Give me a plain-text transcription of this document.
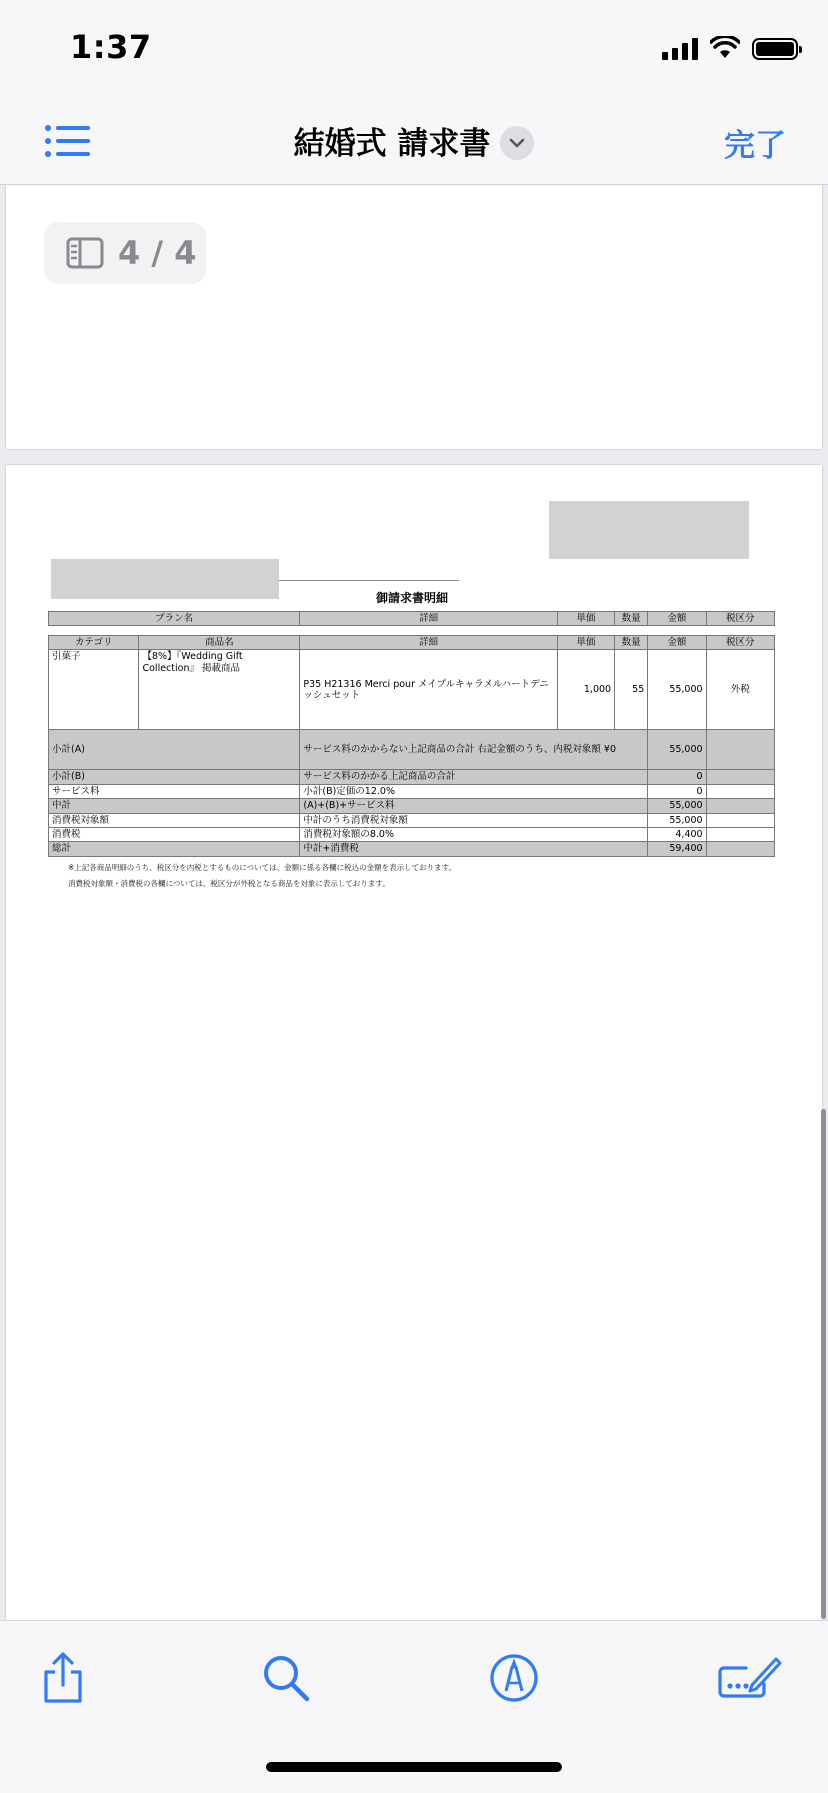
1:37
結婚式 請求書	完了
4 / 4
御請求書明細
プラン名	詳細	単価	数量	金額	税区分
カテゴリ	商品名	詳細	単価	数量	金額	税区分
引菓子	【8%】『Wedding Gift Collection』 掲載商品	P35 H21316 Merci pour メイプルキャラメルハートデニッシュセット	1,000	55	55,000	外税
小計(A)		サービス料のかからない上記商品の合計 右記金額のうち、内税対象額 ¥0			55,000	
小計(B)		サービス料のかかる上記商品の合計			0	
サービス料		小計(B)定価の12.0%			0	
中計		(A)+(B)+サービス料			55,000	
消費税対象額		中計のうち消費税対象額			55,000	
消費税		消費税対象額の8.0%			4,400	
総計		中計+消費税			59,400	
※上記各商品明細のうち、税区分を内税とするものについては、金額に係る各欄に税込の金額を表示しております。
消費税対象額・消費税の各欄については、税区分が外税となる商品を対象に表示しております。
